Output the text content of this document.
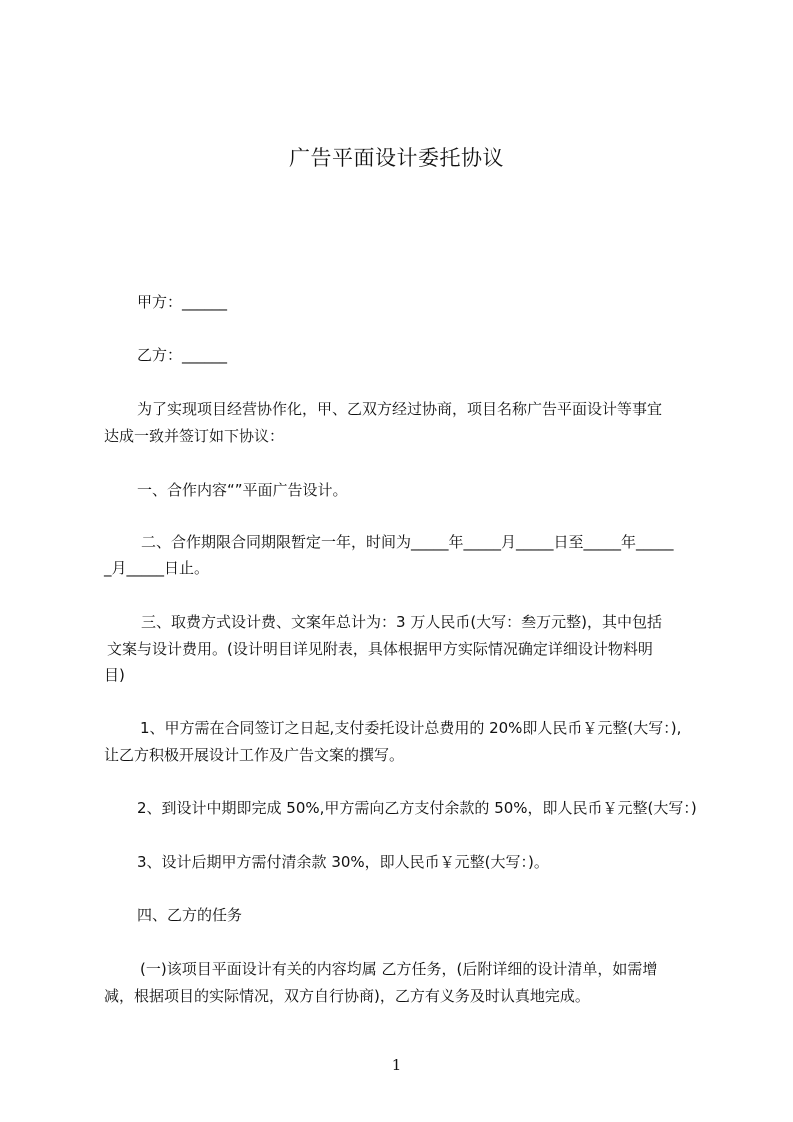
广告平面设计委托协议
甲方：______
乙方：______
为了实现项目经营协作化，甲、乙双方经过协商，项目名称广告平面设计等事宜
达成一致并签订如下协议：
一、合作内容“”平面广告设计。
二、合作期限合同期限暂定一年，时间为_____年_____月_____日至_____年_____
_月_____日止。
三、取费方式设计费、文案年总计为：3 万人民币(大写：叁万元整)，其中包括
文案与设计费用。(设计明目详见附表，具体根据甲方实际情况确定详细设计物料明
目)
1、甲方需在合同签订之日起,支付委托设计总费用的 20%即人民币￥元整(大写：),
让乙方积极开展设计工作及广告文案的撰写。
2、到设计中期即完成 50%,甲方需向乙方支付余款的 50%，即人民币￥元整(大写：)
3、设计后期甲方需付清余款 30%，即人民币￥元整(大写：)。
四、乙方的任务
(一)该项目平面设计有关的内容均属 乙方任务，(后附详细的设计清单，如需增
减，根据项目的实际情况，双方自行协商)，乙方有义务及时认真地完成。
1
